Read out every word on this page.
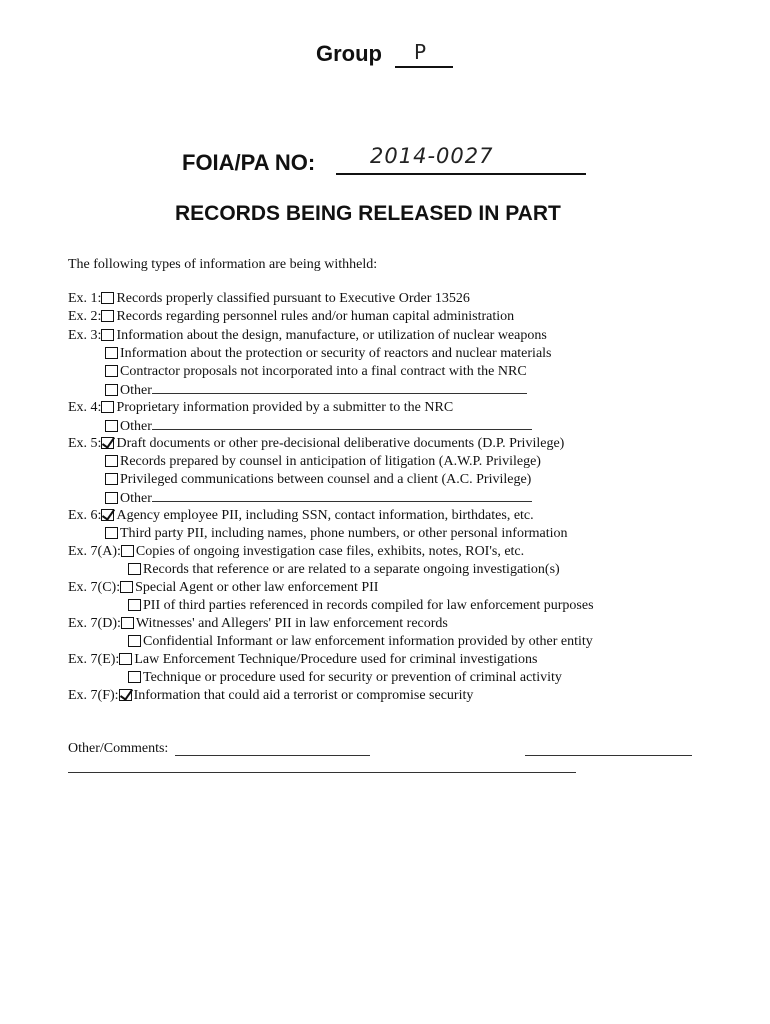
Group P
FOIA/PA NO:	2014-0027
RECORDS BEING RELEASED IN PART
The following types of information are being withheld:
Ex. 1: Records properly classified pursuant to Executive Order 13526
Ex. 2: Records regarding personnel rules and/or human capital administration
Ex. 3: Information about the design, manufacture, or utilization of nuclear weapons
Information about the protection or security of reactors and nuclear materials
Contractor proposals not incorporated into a final contract with the NRC
Other
Ex. 4: Proprietary information provided by a submitter to the NRC
Other
Ex. 5: Draft documents or other pre-decisional deliberative documents (D.P. Privilege)
Records prepared by counsel in anticipation of litigation (A.W.P. Privilege)
Privileged communications between counsel and a client (A.C. Privilege)
Other
Ex. 6: Agency employee PII, including SSN, contact information, birthdates, etc.
Third party PII, including names, phone numbers, or other personal information
Ex. 7(A): Copies of ongoing investigation case files, exhibits, notes, ROI's, etc.
Records that reference or are related to a separate ongoing investigation(s)
Ex. 7(C): Special Agent or other law enforcement PII
PII of third parties referenced in records compiled for law enforcement purposes
Ex. 7(D): Witnesses' and Allegers' PII in law enforcement records
Confidential Informant or law enforcement information provided by other entity
Ex. 7(E): Law Enforcement Technique/Procedure used for criminal investigations
Technique or procedure used for security or prevention of criminal activity
Ex. 7(F): Information that could aid a terrorist or compromise security
Other/Comments:
